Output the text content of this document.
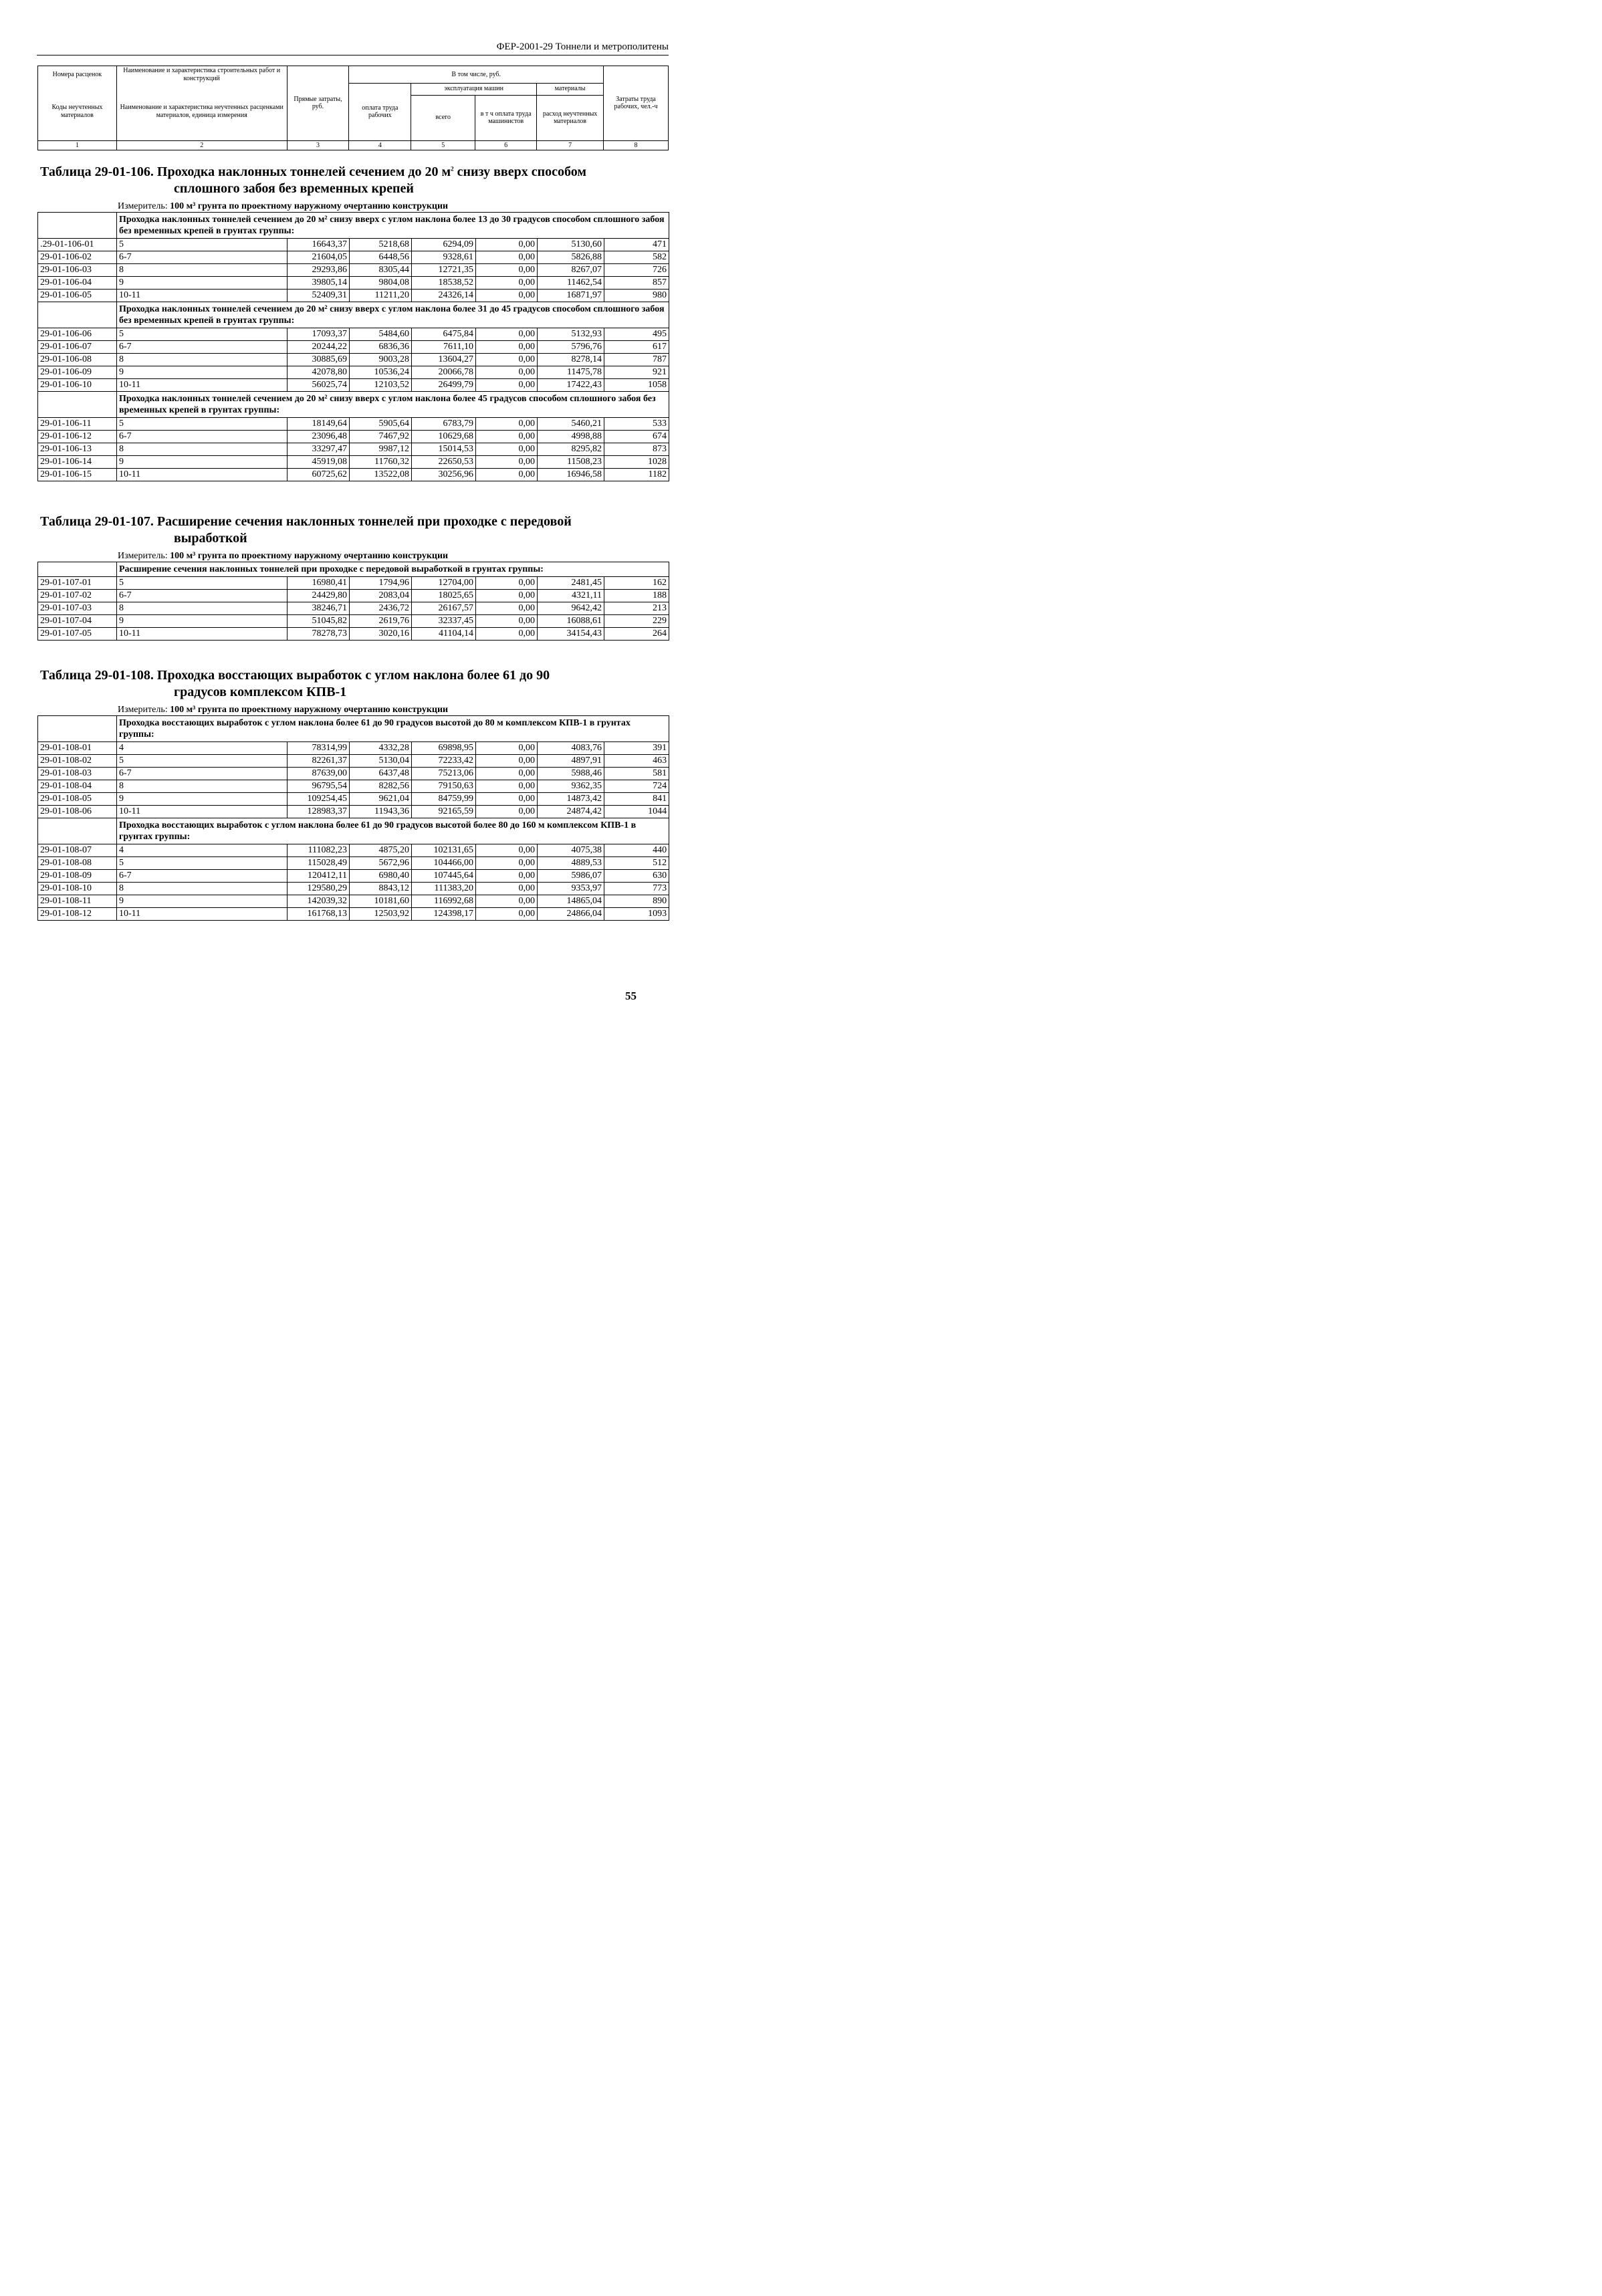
ФЕР-2001-29 Тоннели и метрополитены
Номера расценок	Наименование и характеристика строительных работ и конструкций	Прямые затраты, руб.	В том числе, руб.				Затраты труда рабочих, чел.-ч
Коды неучтенных материалов	Наименование и характеристика неучтенных расценками материалов, единица измерения		оплата труда рабочих	эксплуатация машин		материалы	
				всего	в т ч оплата труда машинистов	расход неучтенных материалов	
1	2	3	4	5	6	7	8
Таблица 29-01-106. Проходка наклонных тоннелей сечением до 20 $м^2$ снизу вверх способом
сплошного забоя без временных крепей
Измеритель: 100 м³ грунта по проектному наружному очертанию конструкции
	Проходка наклонных тоннелей сечением до 20 м² снизу вверх с углом наклона более 13 до 30 градусов способом сплошного забоя без временных крепей в грунтах группы:						
.29-01-106-01	5	16643,37	5218,68	6294,09	0,00	5130,60	471
29-01-106-02	6-7	21604,05	6448,56	9328,61	0,00	5826,88	582
29-01-106-03	8	29293,86	8305,44	12721,35	0,00	8267,07	726
29-01-106-04	9	39805,14	9804,08	18538,52	0,00	11462,54	857
29-01-106-05	10-11	52409,31	11211,20	24326,14	0,00	16871,97	980
	Проходка наклонных тоннелей сечением до 20 м² снизу вверх с углом наклона более 31 до 45 градусов способом сплошного забоя без временных крепей в грунтах группы:						
29-01-106-06	5	17093,37	5484,60	6475,84	0,00	5132,93	495
29-01-106-07	6-7	20244,22	6836,36	7611,10	0,00	5796,76	617
29-01-106-08	8	30885,69	9003,28	13604,27	0,00	8278,14	787
29-01-106-09	9	42078,80	10536,24	20066,78	0,00	11475,78	921
29-01-106-10	10-11	56025,74	12103,52	26499,79	0,00	17422,43	1058
	Проходка наклонных тоннелей сечением до 20 м² снизу вверх с углом наклона более 45 градусов способом сплошного забоя без временных крепей в грунтах группы:						
29-01-106-11	5	18149,64	5905,64	6783,79	0,00	5460,21	533
29-01-106-12	6-7	23096,48	7467,92	10629,68	0,00	4998,88	674
29-01-106-13	8	33297,47	9987,12	15014,53	0,00	8295,82	873
29-01-106-14	9	45919,08	11760,32	22650,53	0,00	11508,23	1028
29-01-106-15	10-11	60725,62	13522,08	30256,96	0,00	16946,58	1182
Таблица 29-01-107. Расширение сечения наклонных тоннелей при проходке с передовой
выработкой
Измеритель: 100 м³ грунта по проектному наружному очертанию конструкции
	Расширение сечения наклонных тоннелей при проходке с передовой выработкой в грунтах группы:						
29-01-107-01	5	16980,41	1794,96	12704,00	0,00	2481,45	162
29-01-107-02	6-7	24429,80	2083,04	18025,65	0,00	4321,11	188
29-01-107-03	8	38246,71	2436,72	26167,57	0,00	9642,42	213
29-01-107-04	9	51045,82	2619,76	32337,45	0,00	16088,61	229
29-01-107-05	10-11	78278,73	3020,16	41104,14	0,00	34154,43	264
Таблица 29-01-108. Проходка восстающих выработок с углом наклона более 61 до 90
градусов комплексом КПВ-1
Измеритель: 100 м³ грунта по проектному наружному очертанию конструкции
	Проходка восстающих выработок с углом наклона более 61 до 90 градусов высотой до 80 м комплексом КПВ-1 в грунтах группы:						
29-01-108-01	4	78314,99	4332,28	69898,95	0,00	4083,76	391
29-01-108-02	5	82261,37	5130,04	72233,42	0,00	4897,91	463
29-01-108-03	6-7	87639,00	6437,48	75213,06	0,00	5988,46	581
29-01-108-04	8	96795,54	8282,56	79150,63	0,00	9362,35	724
29-01-108-05	9	109254,45	9621,04	84759,99	0,00	14873,42	841
29-01-108-06	10-11	128983,37	11943,36	92165,59	0,00	24874,42	1044
	Проходка восстающих выработок с углом наклона более 61 до 90 градусов высотой более 80 до 160 м комплексом КПВ-1 в грунтах группы:						
29-01-108-07	4	111082,23	4875,20	102131,65	0,00	4075,38	440
29-01-108-08	5	115028,49	5672,96	104466,00	0,00	4889,53	512
29-01-108-09	6-7	120412,11	6980,40	107445,64	0,00	5986,07	630
29-01-108-10	8	129580,29	8843,12	111383,20	0,00	9353,97	773
29-01-108-11	9	142039,32	10181,60	116992,68	0,00	14865,04	890
29-01-108-12	10-11	161768,13	12503,92	124398,17	0,00	24866,04	1093
55
